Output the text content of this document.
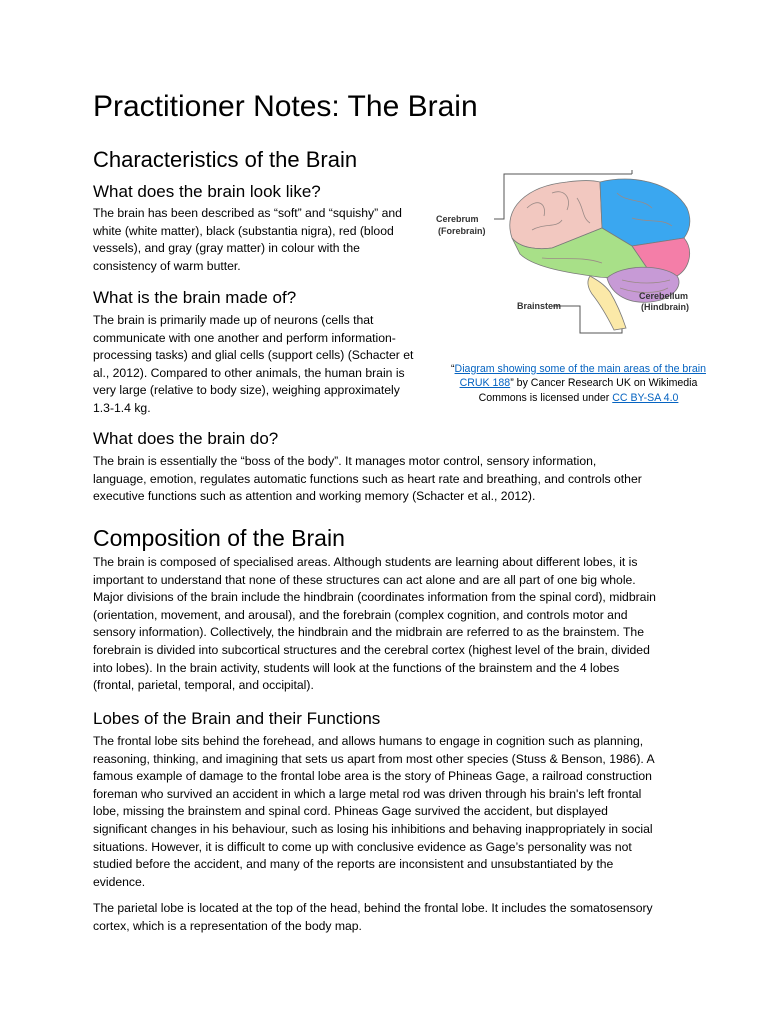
Practitioner Notes: The Brain
Characteristics of the Brain
What does the brain look like?

The brain has been described as “soft” and “squishy” and white (white matter), black (substantia nigra), red (blood vessels), and gray (gray matter) in colour with the consistency of warm butter.

What is the brain made of?

The brain is primarily made up of neurons (cells that communicate with one another and perform information- processing tasks) and glial cells (support cells) (Schacter et al., 2012). Compared to other animals, the human brain is very large (relative to body size), weighing approximately 1.3-1.4 kg.

What does the brain do?

The brain is essentially the “boss of the body”. It manages motor control, sensory information, language, emotion, regulates automatic functions such as heart rate and breathing, and controls other executive functions such as attention and working memory (Schacter et al., 2012).

Cerebrum
(Forebrain)
Brainstem
Cerebellum
(Hindbrain)

“Diagram showing some of the main areas of the brain CRUK 188” by Cancer Research UK on Wikimedia Commons is licensed under CC BY-SA 4.0

Composition of the Brain

The brain is composed of specialised areas. Although students are learning about different lobes, it is important to understand that none of these structures can act alone and are all part of one big whole. Major divisions of the brain include the hindbrain (coordinates information from the spinal cord), midbrain (orientation, movement, and arousal), and the forebrain (complex cognition, and controls motor and sensory information). Collectively, the hindbrain and the midbrain are referred to as the brainstem. The forebrain is divided into subcortical structures and the cerebral cortex (highest level of the brain, divided into lobes). In the brain activity, students will look at the functions of the brainstem and the 4 lobes (frontal, parietal, temporal, and occipital).

Lobes of the Brain and their Functions

The frontal lobe sits behind the forehead, and allows humans to engage in cognition such as planning, reasoning, thinking, and imagining that sets us apart from most other species (Stuss & Benson, 1986). A famous example of damage to the frontal lobe area is the story of Phineas Gage, a railroad construction foreman who survived an accident in which a large metal rod was driven through his brain's left frontal lobe, missing the brainstem and spinal cord. Phineas Gage survived the accident, but displayed significant changes in his behaviour, such as losing his inhibitions and behaving inappropriately in social situations. However, it is difficult to come up with conclusive evidence as Gage’s personality was not studied before the accident, and many of the reports are inconsistent and unsubstantiated by the evidence.

The parietal lobe is located at the top of the head, behind the frontal lobe. It includes the somatosensory cortex, which is a representation of the body map.
